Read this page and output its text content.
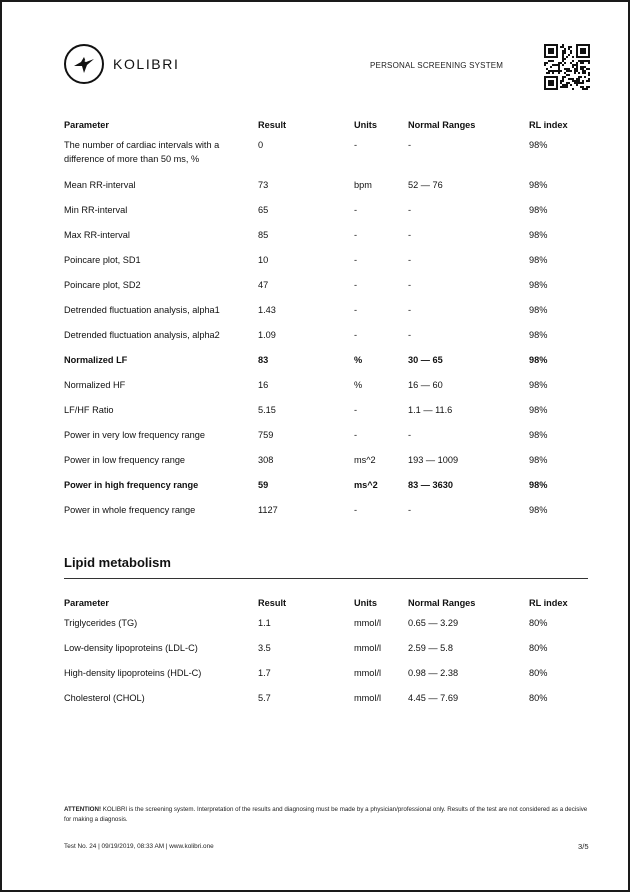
KOLIBRI	PERSONAL SCREENING SYSTEM
Parameter	Result	Units	Normal Ranges	RL index
The number of cardiac intervals with a difference of more than 50 ms, %	0	-	-	98%
Mean RR-interval	73	bpm	52 — 76	98%
Min RR-interval	65	-	-	98%
Max RR-interval	85	-	-	98%
Poincare plot, SD1	10	-	-	98%
Poincare plot, SD2	47	-	-	98%
Detrended fluctuation analysis, alpha1	1.43	-	-	98%
Detrended fluctuation analysis, alpha2	1.09	-	-	98%
Normalized LF	83	%	30 — 65	98%
Normalized HF	16	%	16 — 60	98%
LF/HF Ratio	5.15	-	1.1 — 11.6	98%
Power in very low frequency range	759	-	-	98%
Power in low frequency range	308	ms^2	193 — 1009	98%
Power in high frequency range	59	ms^2	83 — 3630	98%
Power in whole frequency range	1127	-	-	98%
Lipid metabolism
Parameter	Result	Units	Normal Ranges	RL index
Triglycerides (TG)	1.1	mmol/l	0.65 — 3.29	80%
Low-density lipoproteins (LDL-C)	3.5	mmol/l	2.59 — 5.8	80%
High-density lipoproteins (HDL-C)	1.7	mmol/l	0.98 — 2.38	80%
Cholesterol (CHOL)	5.7	mmol/l	4.45 — 7.69	80%
ATTENTION! KOLIBRI is the screening system. Interpretation of the results and diagnosing must be made by a physician/professional only. Results of the test are not considered as a decisive for making a diagnosis.
Test No. 24 | 09/19/2019, 08:33 AM | www.kolibri.one	3/5
